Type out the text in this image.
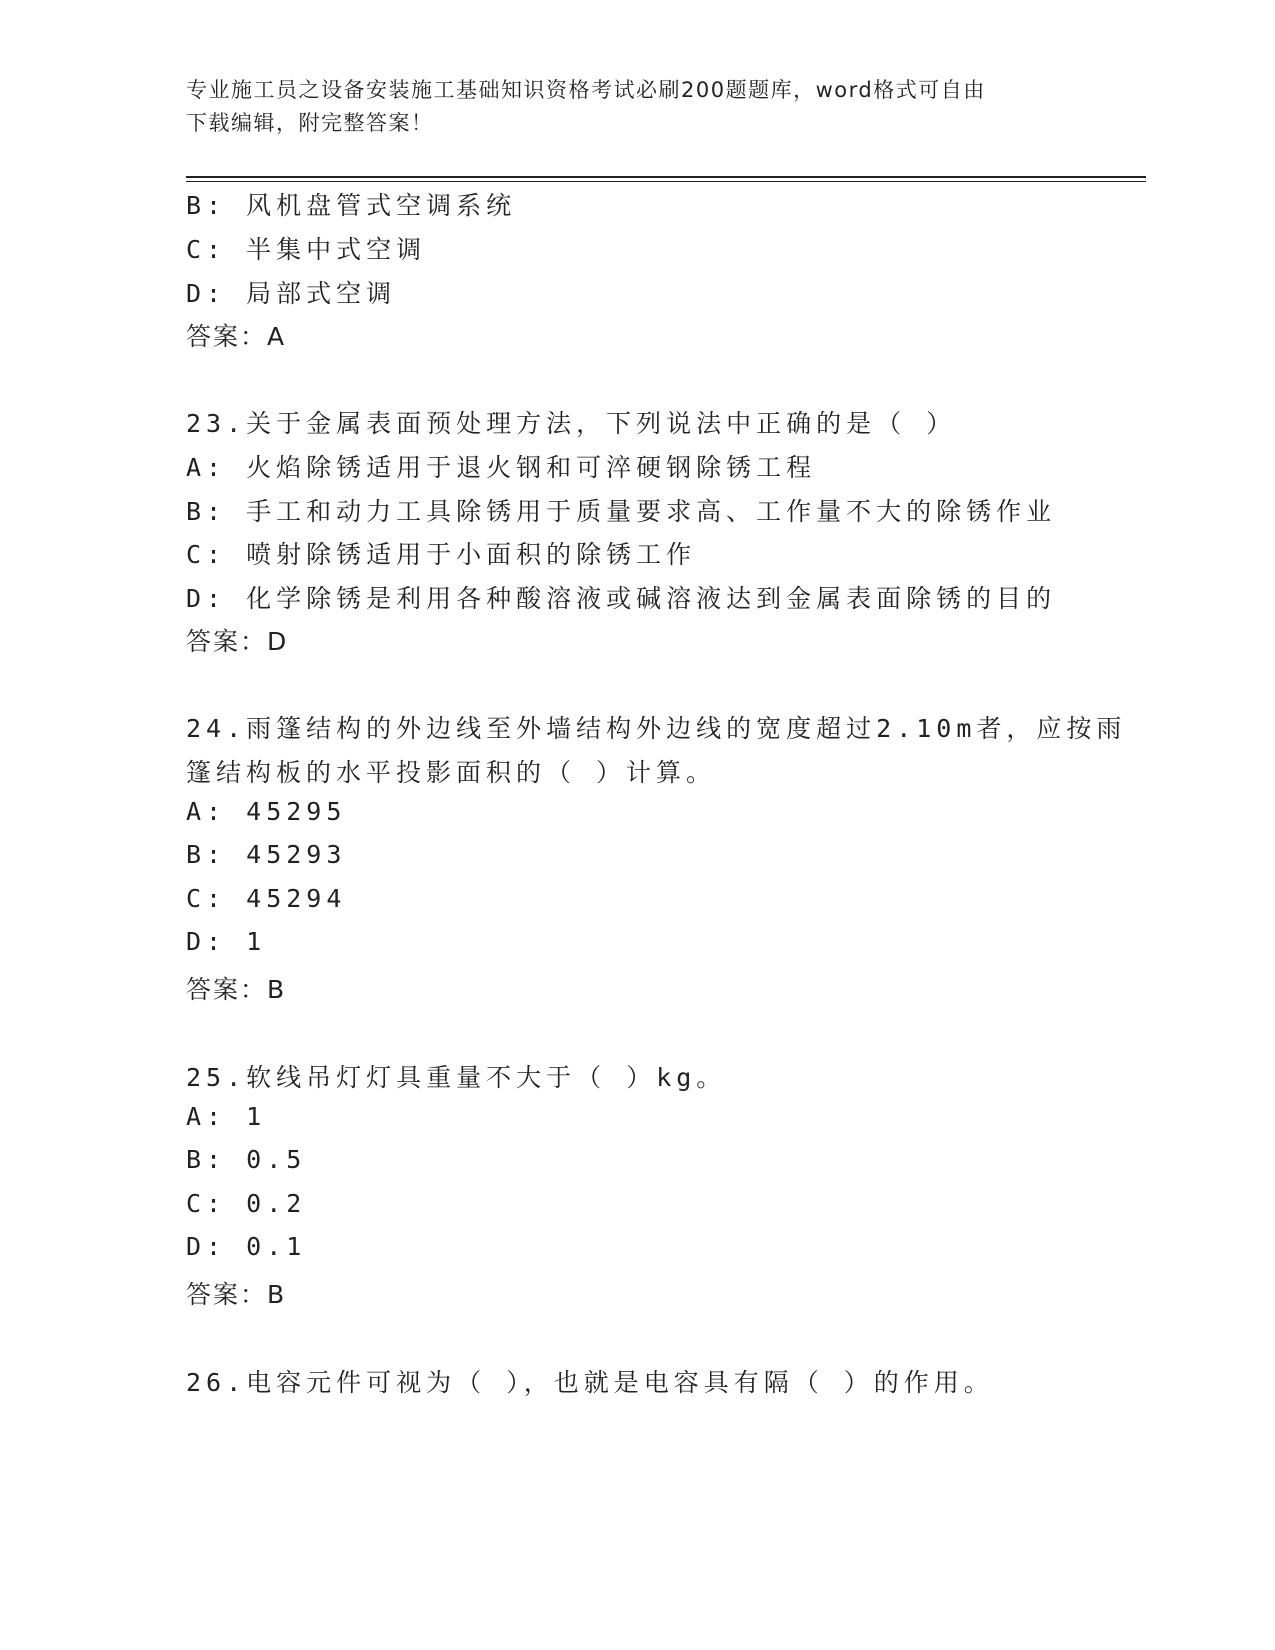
专业施工员之设备安装施工基础知识资格考试必刷200题题库，word格式可自由
下载编辑，附完整答案！
B: 风机盘管式空调系统
C: 半集中式空调
D: 局部式空调
答案：A
23.关于金属表面预处理方法，下列说法中正确的是（ ）
A: 火焰除锈适用于退火钢和可淬硬钢除锈工程
B: 手工和动力工具除锈用于质量要求高、工作量不大的除锈作业
C: 喷射除锈适用于小面积的除锈工作
D: 化学除锈是利用各种酸溶液或碱溶液达到金属表面除锈的目的
答案：D
24.雨篷结构的外边线至外墙结构外边线的宽度超过2.10m者，应按雨
篷结构板的水平投影面积的（ ）计算。
A: 45295
B: 45293
C: 45294
D: 1
答案：B
25.软线吊灯灯具重量不大于（ ）kg。
A: 1
B: 0.5
C: 0.2
D: 0.1
答案：B
26.电容元件可视为（ ），也就是电容具有隔（ ）的作用。
